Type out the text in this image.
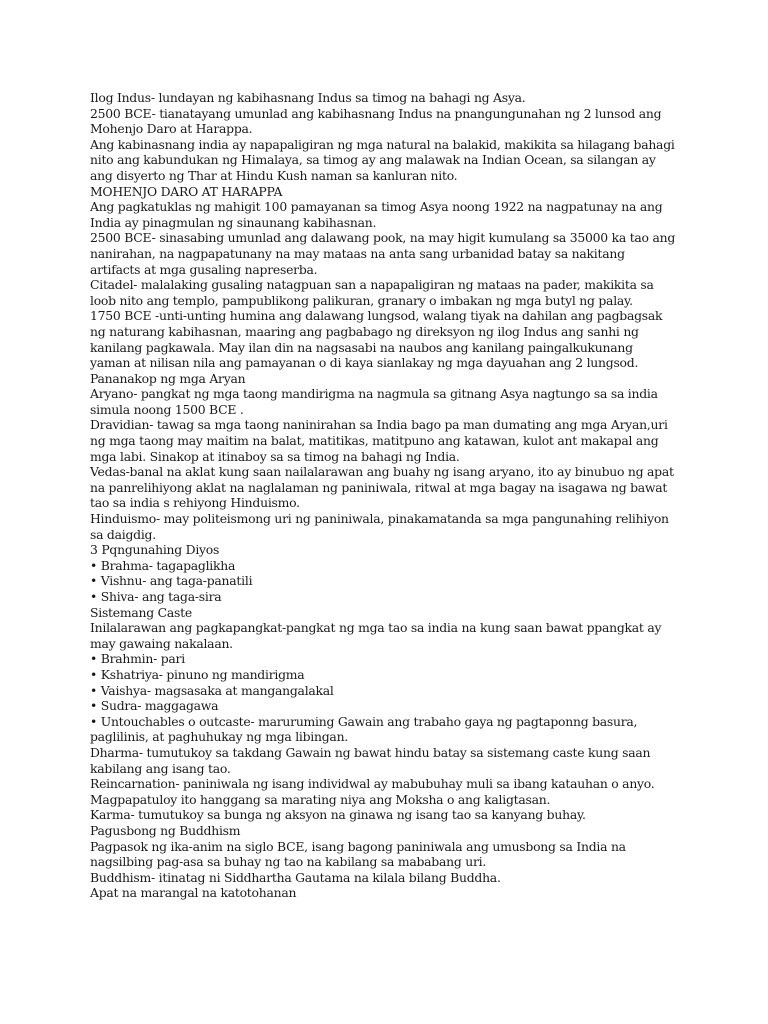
Ilog Indus- lundayan ng kabihasnang Indus sa timog na bahagi ng Asya.

2500 BCE- tianatayang umunlad ang kabihasnang Indus na pnangungunahan ng 2 lunsod ang Mohenjo Daro at Harappa.

Ang kabinasnang india ay napapaligiran ng mga natural na balakid, makikita sa hilagang bahagi nito ang kabundukan ng Himalaya, sa timog ay ang malawak na Indian Ocean, sa silangan ay ang disyerto ng Thar at Hindu Kush naman sa kanluran nito.

MOHENJO DARO AT HARAPPA

Ang pagkatuklas ng mahigit 100 pamayanan sa timog Asya noong 1922 na nagpatunay na ang India ay pinagmulan ng sinaunang kabihasnan.

2500 BCE- sinasabing umunlad ang dalawang pook, na may higit kumulang sa 35000 ka tao ang nanirahan, na nagpapatunany na may mataas na anta sang urbanidad batay sa nakitang artifacts at mga gusaling napreserba.

Citadel- malalaking gusaling natagpuan san a napapaligiran ng mataas na pader, makikita sa loob nito ang templo, pampublikong palikuran, granary o imbakan ng mga butyl ng palay.

1750 BCE -unti-unting humina ang dalawang lungsod, walang tiyak na dahilan ang pagbagsak ng naturang kabihasnan, maaring ang pagbabago ng direksyon ng ilog Indus ang sanhi ng kanilang pagkawala. May ilan din na nagsasabi na naubos ang kanilang paingalkukunang yaman at nilisan nila ang pamayanan o di kaya sianlakay ng mga dayuahan ang 2 lungsod.

Pananakop ng mga Aryan

Aryano- pangkat ng mga taong mandirigma na nagmula sa gitnang Asya nagtungo sa sa india simula noong 1500 BCE .

Dravidian- tawag sa mga taong naninirahan sa India bago pa man dumating ang mga Aryan,uri ng mga taong may maitim na balat, matitikas, matitpuno ang katawan, kulot ant makapal ang mga labi. Sinakop at itinaboy sa sa timog na bahagi ng India.

Vedas-banal na aklat kung saan nailalarawan ang buahy ng isang aryano, ito ay binubuo ng apat na panrelihiyong aklat na naglalaman ng paniniwala, ritwal at mga bagay na isagawa ng bawat tao sa india s rehiyong Hinduismo.

Hinduismo- may politeismong uri ng paniniwala, pinakamatanda sa mga pangunahing relihiyon sa daigdig.

3 Pqngunahing Diyos

• Brahma- tagapaglikha

• Vishnu- ang taga-panatili

• Shiva- ang taga-sira

Sistemang Caste

Inilalarawan ang pagkapangkat-pangkat ng mga tao sa india na kung saan bawat ppangkat ay may gawaing nakalaan.

• Brahmin- pari

• Kshatriya- pinuno ng mandirigma

• Vaishya- magsasaka at mangangalakal

• Sudra- maggagawa

• Untouchables o outcaste- maruruming Gawain ang trabaho gaya ng pagtaponng basura, paglilinis, at paghuhukay ng mga libingan.

Dharma- tumutukoy sa takdang Gawain ng bawat hindu batay sa sistemang caste kung saan kabilang ang isang tao.

Reincarnation- paniniwala ng isang individwal ay mabubuhay muli sa ibang katauhan o anyo.

Magpapatuloy ito hanggang sa marating niya ang Moksha o ang kaligtasan.

Karma- tumutukoy sa bunga ng aksyon na ginawa ng isang tao sa kanyang buhay.

Pagusbong ng Buddhism

Pagpasok ng ika-anim na siglo BCE, isang bagong paniniwala ang umusbong sa India na nagsilbing pag-asa sa buhay ng tao na kabilang sa mababang uri.

Buddhism- itinatag ni Siddhartha Gautama na kilala bilang Buddha.

Apat na marangal na katotohanan
